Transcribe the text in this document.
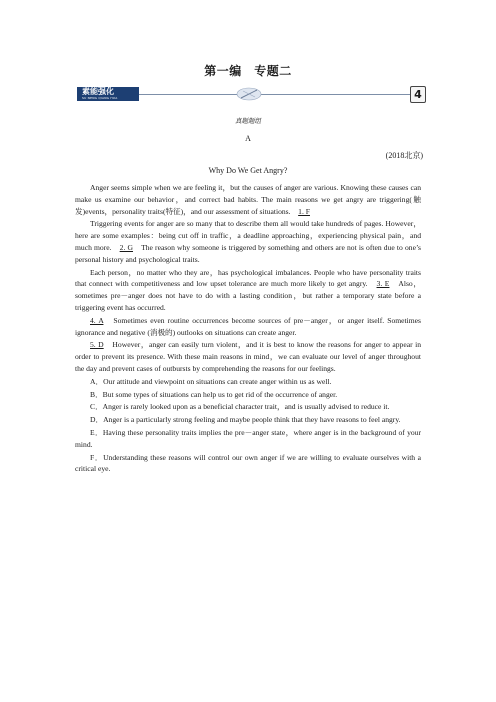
第一编　专题二
素能强化
SU NENG QIANG HUA	4
真题题组
A
(2018北京)
Why Do We Get Angry?

Anger seems simple when we are feeling it，but the causes of anger are various. Knowing these causes can make us examine our behavior，and correct bad habits. The main reasons we get angry are triggering(触发)events，personality traits(特征)，and our assessment of situations.　1. F

Triggering events for anger are so many that to describe them all would take hundreds of pages. However，here are some examples：being cut off in traffic，a deadline approaching，experiencing physical pain，and much more.　2. G　The reason why someone is triggered by something and others are not is often due to one’s personal history and psychological traits.

Each person，no matter who they are，has psychological imbalances. People who have personality traits that connect with competitiveness and low upset tolerance are much more likely to get angry.　3. E　Also，sometimes pre－anger does not have to do with a lasting condition，but rather a temporary state before a triggering event has occurred.

4. A　Sometimes even routine occurrences become sources of pre－anger，or anger itself. Sometimes ignorance and negative (消极的) outlooks on situations can create anger.

5. D　However，anger can easily turn violent，and it is best to know the reasons for anger to appear in order to prevent its presence. With these main reasons in mind，we can evaluate our level of anger throughout the day and prevent cases of outbursts by comprehending the reasons for our feelings.

A．Our attitude and viewpoint on situations can create anger within us as well.

B．But some types of situations can help us to get rid of the occurrence of anger.

C．Anger is rarely looked upon as a beneficial character trait，and is usually advised to reduce it.

D．Anger is a particularly strong feeling and maybe people think that they have reasons to feel angry.

E．Having these personality traits implies the pre－anger state，where anger is in the background of your mind.

F．Understanding these reasons will control our own anger if we are willing to evaluate ourselves with a critical eye.
